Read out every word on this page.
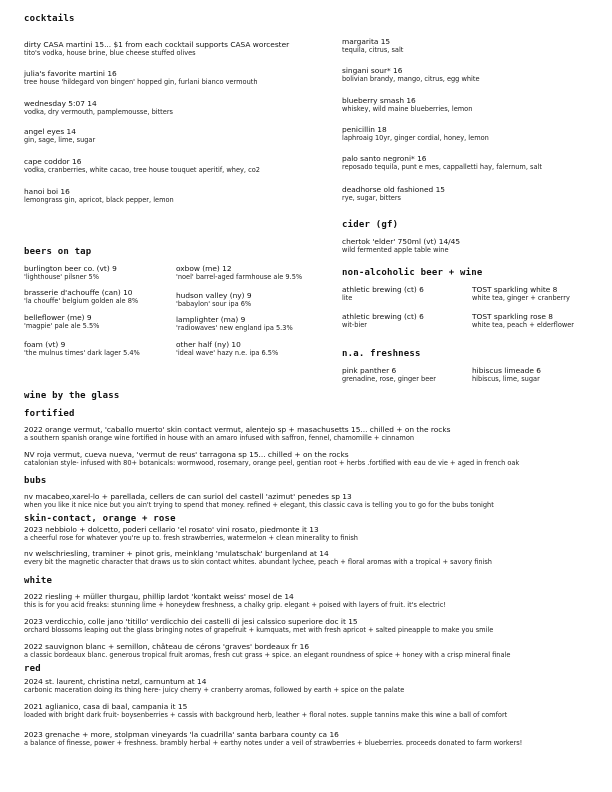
cocktails
dirty CASA martini 15... $1 from each cocktail supports CASA worcester
tito's vodka, house brine, blue cheese stuffed olives
julia's favorite martini 16
tree house 'hildegard von bingen' hopped gin, furlani bianco vermouth
wednesday 5:07 14
vodka, dry vermouth, pamplemousse, bitters
angel eyes 14
gin, sage, lime, sugar
cape coddor 16
vodka, cranberries, white cacao, tree house touquet aperitif, whey, co2
hanoi boi 16
lemongrass gin, apricot, black pepper, lemon
margarita 15
tequila, citrus, salt
singani sour* 16
bolivian brandy, mango, citrus, egg white
blueberry smash 16
whiskey, wild maine blueberries, lemon
penicillin 18
laphroaig 10yr, ginger cordial, honey, lemon
palo santo negroni* 16
reposado tequila, punt e mes, cappalletti hay, falernum, salt
deadhorse old fashioned 15
rye, sugar, bitters
cider (gf)
chertok 'elder' 750ml (vt) 14/45
wild fermented apple table wine
beers on tap
burlington beer co. (vt) 9
'lighthouse' pilsner 5%
brasserie d'achouffe (can) 10
'la chouffe' belgium golden ale 8%
belleflower (me) 9
'magpie' pale ale 5.5%
foam (vt) 9
'the mulnus times' dark lager 5.4%
oxbow (me) 12
'noel' barrel-aged farmhouse ale 9.5%
hudson valley (ny) 9
'babaylon' sour ipa 6%
lamplighter (ma) 9
'radiowaves' new england ipa 5.3%
other half (ny) 10
'ideal wave' hazy n.e. ipa 6.5%
non-alcoholic beer + wine
athletic brewing (ct) 6
lite
TOST sparkling white 8
white tea, ginger + cranberry
athletic brewing (ct) 6
wit-bier
TOST sparkling rose 8
white tea, peach + elderflower
n.a. freshness
pink panther 6
grenadine, rose, ginger beer
hibiscus limeade 6
hibiscus, lime, sugar
wine by the glass
fortified
2022 orange vermut, 'caballo muerto' skin contact vermut, alentejo sp + masachusetts 15... chilled + on the rocks
a southern spanish orange wine fortified in house with an amaro infused with saffron, fennel, chamomille + cinnamon
NV roja vermut, cueva nueva, 'vermut de reus' tarragona sp 15... chilled + on the rocks
catalonian style- infused with 80+ botanicals: wormwood, rosemary, orange peel, gentian root + herbs .fortified with eau de vie + aged in french oak
bubs
nv macabeo,xarel-lo + parellada, cellers de can suriol del castell 'azimut' penedes sp 13
when you like it nice nice but you ain't trying to spend that money. refined + elegant, this classic cava is telling you to go for the bubs tonight
skin-contact, orange + rose
2023 nebbiolo + dolcetto, poderi cellario 'el rosato' vini rosato, piedmonte it 13
a cheerful rose for whatever you're up to. fresh strawberries, watermelon + clean minerality to finish
nv welschriesling, traminer + pinot gris, meinklang 'mulatschak' burgenland at 14
every bit the magnetic character that draws us to skin contact whites. abundant lychee, peach + floral aromas with a tropical + savory finish
white
2022 riesling + müller thurgau, phillip lardot 'kontakt weiss' mosel de 14
this is for you acid freaks: stunning lime + honeydew freshness, a chalky grip. elegant + poised with layers of fruit. it's electric!
2023 verdicchio, colle jano 'titillo' verdicchio dei castelli di jesi calssico superiore doc it 15
orchard blossoms leaping out the glass bringing notes of grapefruit + kumquats, met with fresh apricot + salted pineapple to make you smile
2022 sauvignon blanc + semillon, château de cérons 'graves' bordeaux fr 16
a classic bordeaux blanc. generous tropical fruit aromas, fresh cut grass + spice. an elegant roundness of spice + honey with a crisp mineral finale
red
2024 st. laurent, christina netzl, carnuntum at 14
carbonic maceration doing its thing here- juicy cherry + cranberry aromas, followed by earth + spice on the palate
2021 aglianico, casa di baal, campania it 15
loaded with bright dark fruit- boysenberries + cassis with background herb, leather + floral notes. supple tannins make this wine a ball of comfort
2023 grenache + more, stolpman vineyards 'la cuadrilla' santa barbara county ca 16
a balance of finesse, power + freshness. brambly herbal + earthy notes under a veil of strawberries + blueberries. proceeds donated to farm workers!
